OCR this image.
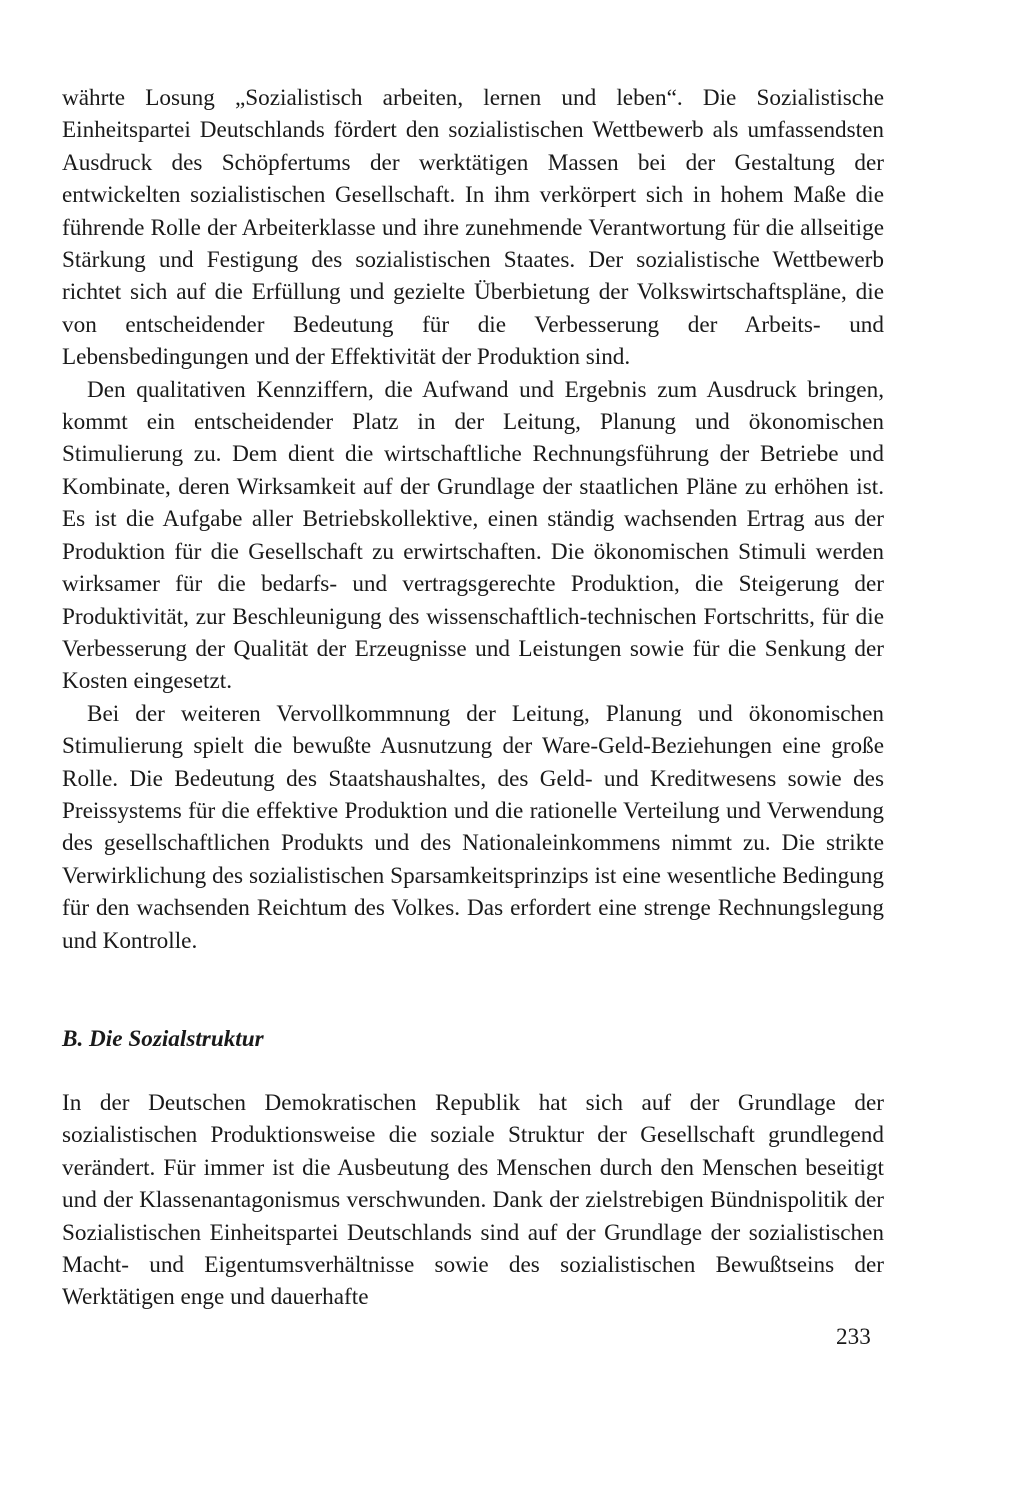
währte Losung „Sozialistisch arbeiten, lernen und leben“. Die Sozialistische Einheitspartei Deutschlands fördert den sozialistischen Wettbewerb als umfassendsten Ausdruck des Schöpfertums der werktätigen Massen bei der Gestaltung der entwickelten sozialistischen Gesellschaft. In ihm verkörpert sich in hohem Maße die führende Rolle der Arbeiterklasse und ihre zunehmende Verantwortung für die allseitige Stärkung und Festigung des sozialistischen Staates. Der sozialistische Wettbewerb richtet sich auf die Erfüllung und gezielte Überbietung der Volkswirtschaftspläne, die von entscheidender Bedeutung für die Verbesserung der Arbeits- und Lebensbedingungen und der Effektivität der Produktion sind.

Den qualitativen Kennziffern, die Aufwand und Ergebnis zum Ausdruck bringen, kommt ein entscheidender Platz in der Leitung, Planung und ökonomischen Stimulierung zu. Dem dient die wirtschaftliche Rechnungsführung der Betriebe und Kombinate, deren Wirksamkeit auf der Grundlage der staatlichen Pläne zu erhöhen ist. Es ist die Aufgabe aller Betriebskollektive, einen ständig wachsenden Ertrag aus der Produktion für die Gesellschaft zu erwirtschaften. Die ökonomischen Stimuli werden wirksamer für die bedarfs- und vertragsgerechte Produktion, die Steigerung der Produktivität, zur Beschleunigung des wissenschaftlich-technischen Fortschritts, für die Verbesserung der Qualität der Erzeugnisse und Leistungen sowie für die Senkung der Kosten eingesetzt.

Bei der weiteren Vervollkommnung der Leitung, Planung und ökonomischen Stimulierung spielt die bewußte Ausnutzung der Ware-Geld-Beziehungen eine große Rolle. Die Bedeutung des Staatshaushaltes, des Geld- und Kreditwesens sowie des Preissystems für die effektive Produktion und die rationelle Verteilung und Verwendung des gesellschaftlichen Produkts und des Nationaleinkommens nimmt zu. Die strikte Verwirklichung des sozialistischen Sparsamkeitsprinzips ist eine wesentliche Bedingung für den wachsenden Reichtum des Volkes. Das erfordert eine strenge Rechnungslegung und Kontrolle.

B. Die Sozialstruktur

In der Deutschen Demokratischen Republik hat sich auf der Grundlage der sozialistischen Produktionsweise die soziale Struktur der Gesellschaft grundlegend verändert. Für immer ist die Ausbeutung des Menschen durch den Menschen beseitigt und der Klassenantagonismus verschwunden. Dank der zielstrebigen Bündnispolitik der Sozialistischen Einheitspartei Deutschlands sind auf der Grundlage der sozialistischen Macht- und Eigentumsverhältnisse sowie des sozialistischen Bewußtseins der Werktätigen enge und dauerhafte

233
